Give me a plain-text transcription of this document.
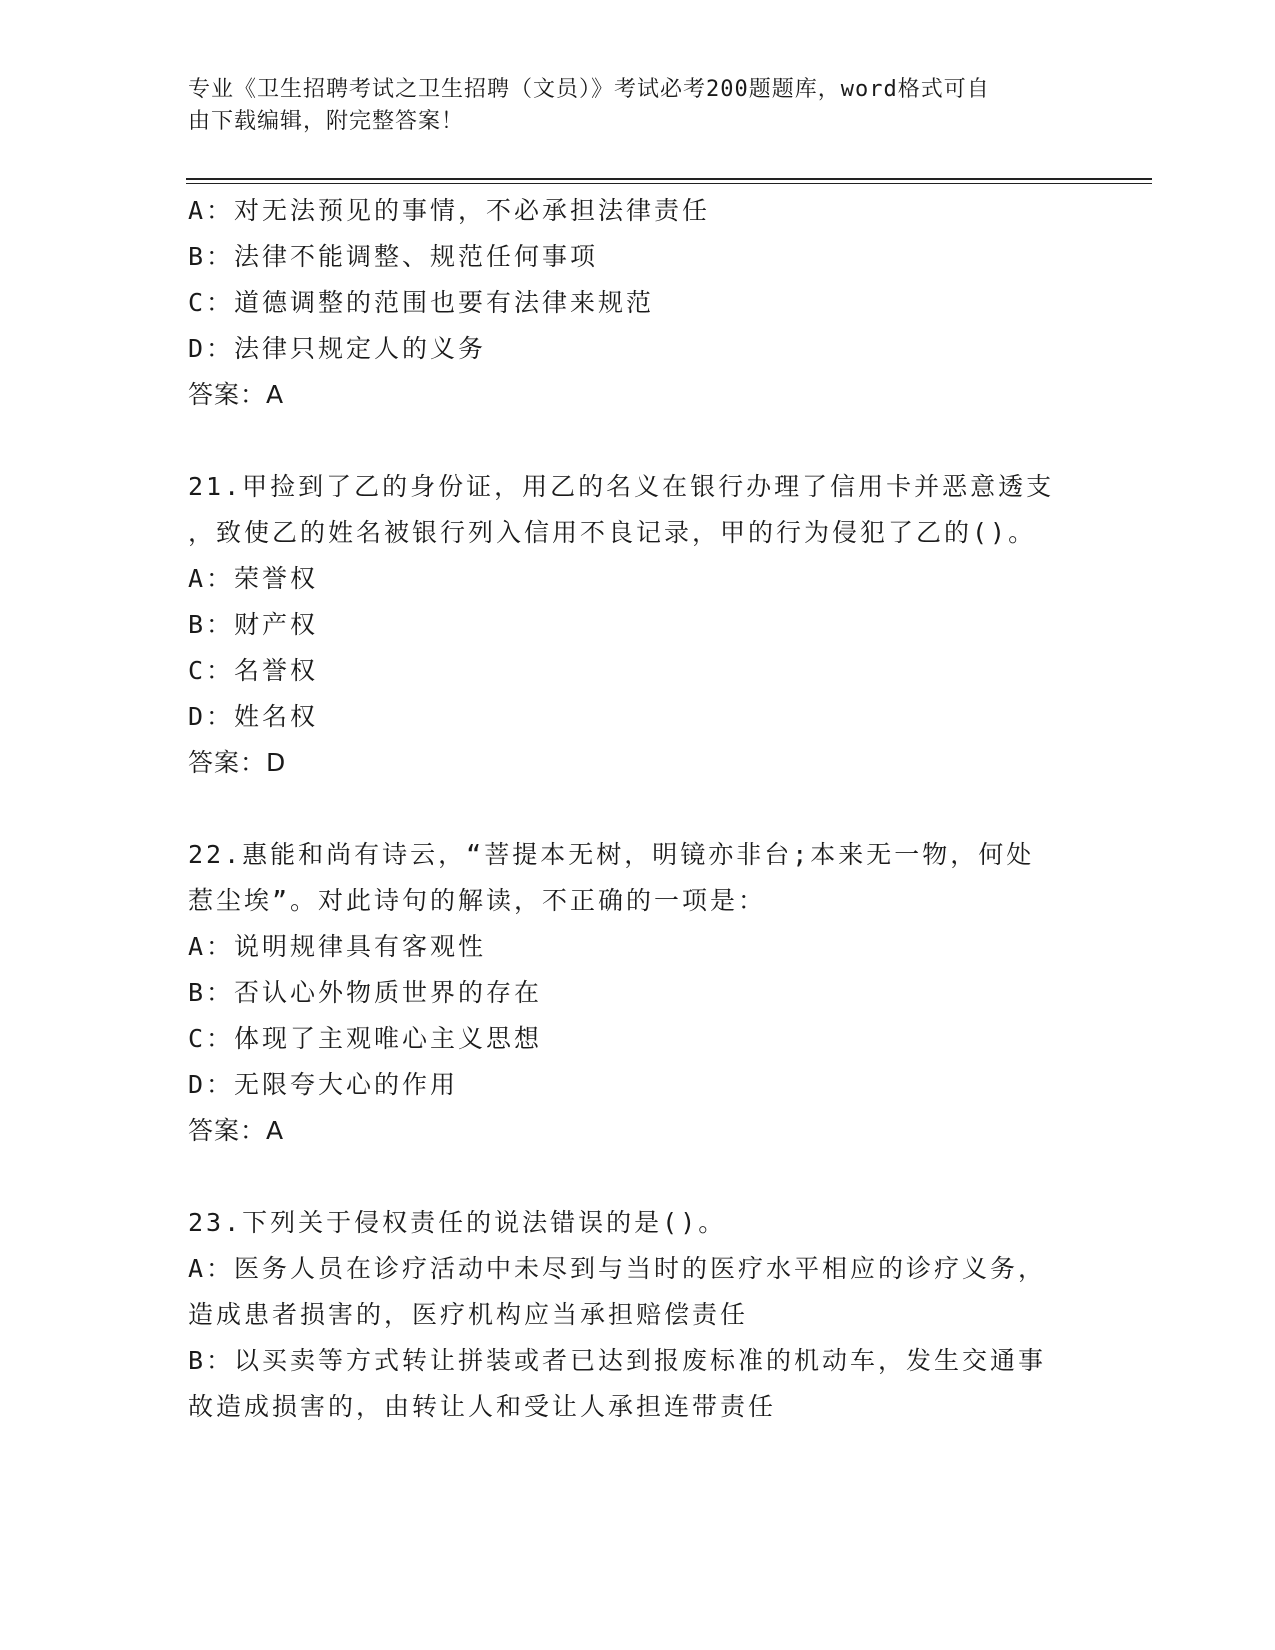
专业《卫生招聘考试之卫生招聘（文员）》考试必考200题题库，word格式可自
由下载编辑，附完整答案！
A：对无法预见的事情，不必承担法律责任
B：法律不能调整、规范任何事项
C：道德调整的范围也要有法律来规范
D：法律只规定人的义务
答案：A
21.甲捡到了乙的身份证，用乙的名义在银行办理了信用卡并恶意透支
，致使乙的姓名被银行列入信用不良记录，甲的行为侵犯了乙的()。
A：荣誉权
B：财产权
C：名誉权
D：姓名权
答案：D
22.惠能和尚有诗云，“菩提本无树，明镜亦非台;本来无一物，何处
惹尘埃”。对此诗句的解读，不正确的一项是：
A：说明规律具有客观性
B：否认心外物质世界的存在
C：体现了主观唯心主义思想
D：无限夸大心的作用
答案：A
23.下列关于侵权责任的说法错误的是()。
A：医务人员在诊疗活动中未尽到与当时的医疗水平相应的诊疗义务，
造成患者损害的，医疗机构应当承担赔偿责任
B：以买卖等方式转让拼装或者已达到报废标准的机动车，发生交通事
故造成损害的，由转让人和受让人承担连带责任
